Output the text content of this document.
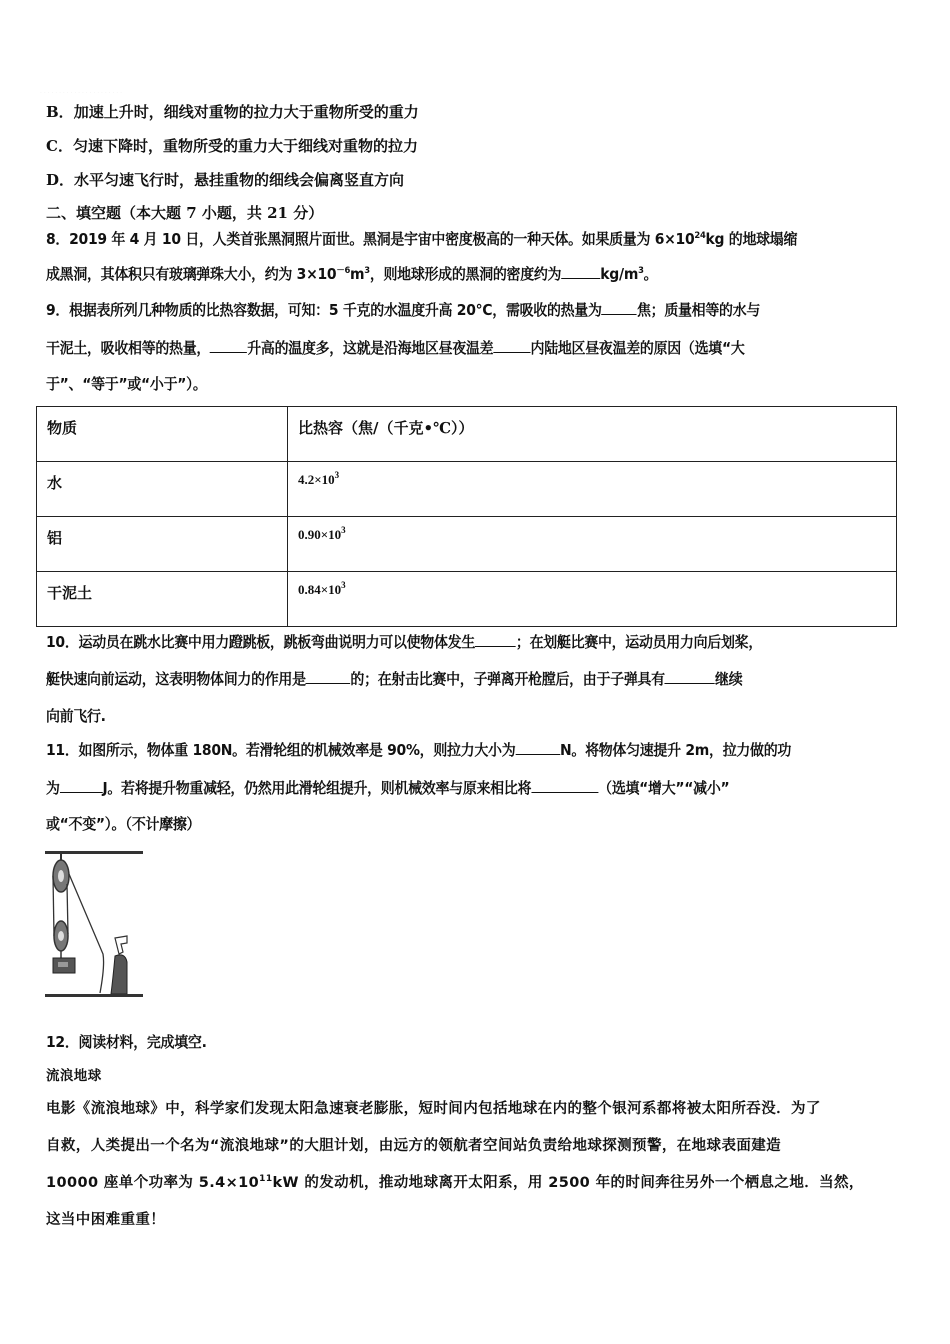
· · · · · · · · · · · · · · · · · · · · · ·
B．加速上升时，细线对重物的拉力大于重物所受的重力
C．匀速下降时，重物所受的重力大于细线对重物的拉力
D．水平匀速飞行时，悬挂重物的细线会偏离竖直方向
二、填空题（本大题 7 小题，共 21 分）
8．2019 年 4 月 10 日，人类首张黑洞照片面世。黑洞是宇宙中密度极高的一种天体。如果质量为 $6\times 10^{24}kg$ 的地球塌缩
成黑洞，其体积只有玻璃弹珠大小，约为 $3\times 10^{-6}m^3$，则地球形成的黑洞的密度约为	$kg/m^3$。
9．根据表所列几种物质的比热容数据，可知：5 千克的水温度升高 20℃，需吸收的热量为 焦；质量相等的水与
干泥土，吸收相等的热量， 升高的温度多，这就是沿海地区昼夜温差 内陆地区昼夜温差的原因（选填“大
于”、“等于”或“小于”）。
物质	比热容（焦/（千克•℃））
水	$4.2\times 10^3$
铝	$0.90\times 10^3$
干泥土	$0.84\times 10^3$
10．运动员在跳水比赛中用力蹬跳板，跳板弯曲说明力可以使物体发生	；在划艇比赛中，运动员用力向后划桨，
艇快速向前运动，这表明物体间力的作用是	的；在射击比赛中，子弹离开枪膛后，由于子弹具有	继续
向前飞行.
11．如图所示，物体重 180N。若滑轮组的机械效率是 90%，则拉力大小为	N。将物体匀速提升 2m，拉力做的功
为	J。若将提升物重减轻，仍然用此滑轮组提升，则机械效率与原来相比将	（选填“增大”“减小”
或“不变”）。（不计摩擦）
12．阅读材料，完成填空.
流浪地球
电影《流浪地球》中，科学家们发现太阳急速衰老膨胀，短时间内包括地球在内的整个银河系都将被太阳所吞没．为了
自救，人类提出一个名为“流浪地球”的大胆计划，由远方的领航者空间站负责给地球探测预警，在地球表面建造
10000 座单个功率为 $5.4\times 10^{11}kW$ 的发动机，推动地球离开太阳系，用 2500 年的时间奔往另外一个栖息之地．当然，
这当中困难重重！
